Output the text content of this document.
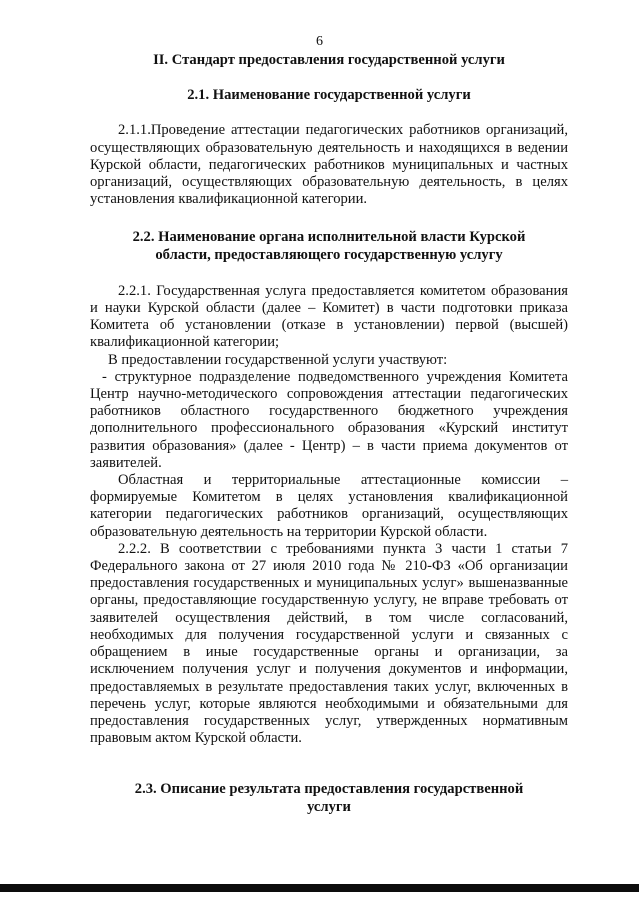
6
II. Стандарт предоставления государственной услуги
2.1. Наименование государственной услуги

2.1.1.Проведение аттестации педагогических работников организаций, осуществляющих образовательную деятельность и находящихся в ведении Курской области, педагогических работников муниципальных и частных организаций, осуществляющих образовательную деятельность, в целях установления квалификационной категории.

2.2. Наименование органа исполнительной власти Курской
области, предоставляющего государственную услугу

2.2.1. Государственная услуга предоставляется комитетом образования и науки Курской области (далее – Комитет) в части подготовки приказа Комитета об установлении (отказе в установлении) первой (высшей) квалификационной категории;

В предоставлении государственной услуги участвуют:

- структурное подразделение подведомственного учреждения Комитета Центр научно-методического сопровождения аттестации педагогических работников областного государственного бюджетного учреждения дополнительного профессионального образования «Курский институт развития образования» (далее - Центр) – в части приема документов от заявителей.

Областная и территориальные аттестационные комиссии – формируемые Комитетом в целях установления квалификационной категории педагогических работников организаций, осуществляющих образовательную деятельность на территории Курской области.

2.2.2. В соответствии с требованиями пункта 3 части 1 статьи 7 Федерального закона от 27 июля 2010 года № 210-ФЗ «Об организации предоставления государственных и муниципальных услуг» вышеназванные органы, предоставляющие государственную услугу, не вправе требовать от заявителей осуществления действий, в том числе согласований, необходимых для получения государственной услуги и связанных с обращением в иные государственные органы и организации, за исключением получения услуг и получения документов и информации, предоставляемых в результате предоставления таких услуг, включенных в перечень услуг, которые являются необходимыми и обязательными для предоставления государственных услуг, утвержденных нормативным правовым актом Курской области.

2.3. Описание результата предоставления государственной
услуги
